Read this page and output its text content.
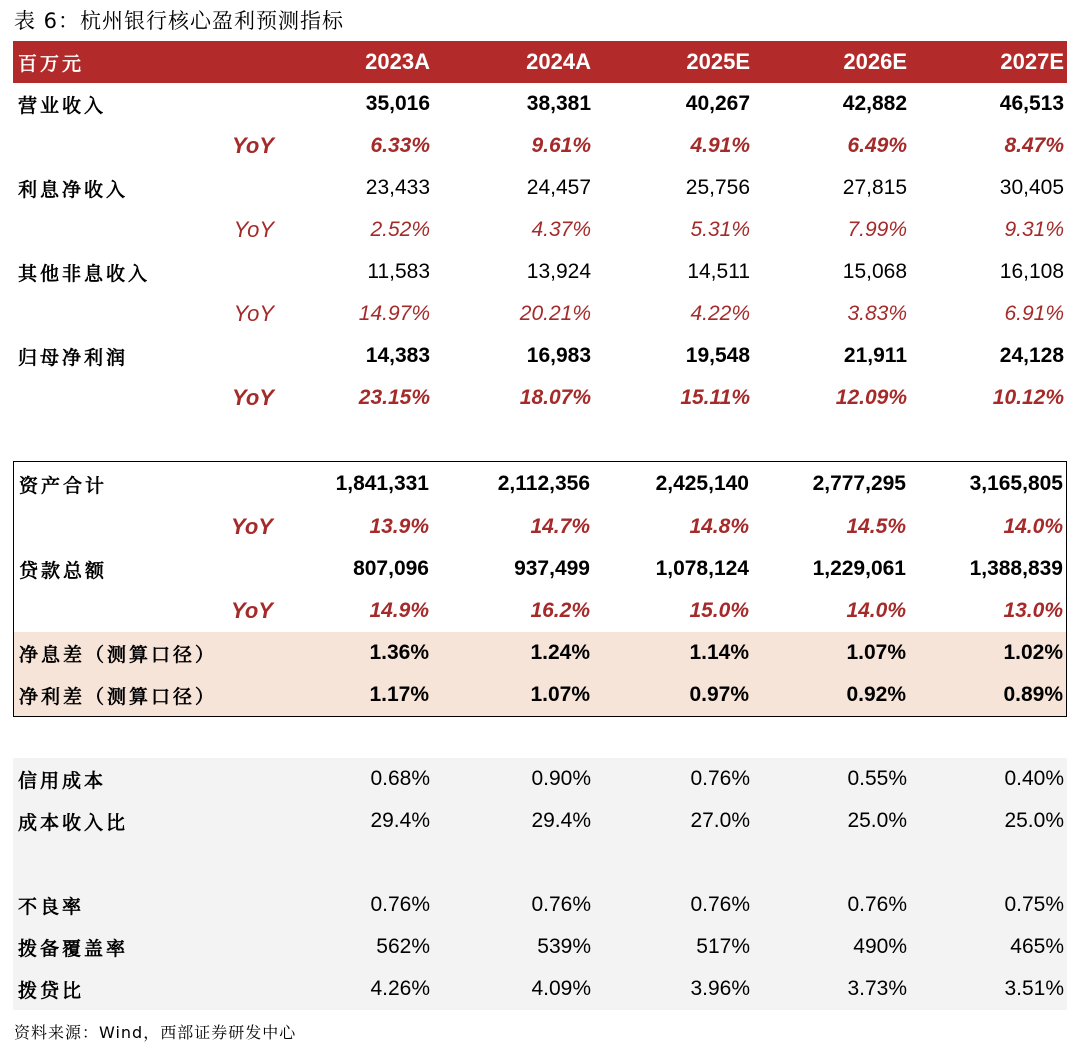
表 6：杭州银行核心盈利预测指标
百万元	2023A	2024A	2025E	2026E	2027E
营业收入	35,016	38,381	40,267	42,882	46,513
YoY	6.33%	9.61%	4.91%	6.49%	8.47%
利息净收入	23,433	24,457	25,756	27,815	30,405
YoY	2.52%	4.37%	5.31%	7.99%	9.31%
其他非息收入	11,583	13,924	14,511	15,068	16,108
YoY	14.97%	20.21%	4.22%	3.83%	6.91%
归母净利润	14,383	16,983	19,548	21,911	24,128
YoY	23.15%	18.07%	15.11%	12.09%	10.12%
资产合计	1,841,331	2,112,356	2,425,140	2,777,295	3,165,805
YoY	13.9%	14.7%	14.8%	14.5%	14.0%
贷款总额	807,096	937,499	1,078,124	1,229,061	1,388,839
YoY	14.9%	16.2%	15.0%	14.0%	13.0%
净息差（测算口径）	1.36%	1.24%	1.14%	1.07%	1.02%
净利差（测算口径）	1.17%	1.07%	0.97%	0.92%	0.89%
信用成本	0.68%	0.90%	0.76%	0.55%	0.40%
成本收入比	29.4%	29.4%	27.0%	25.0%	25.0%
不良率	0.76%	0.76%	0.76%	0.76%	0.75%
拨备覆盖率	562%	539%	517%	490%	465%
拨贷比	4.26%	4.09%	3.96%	3.73%	3.51%
资料来源：Wind，西部证券研发中心
